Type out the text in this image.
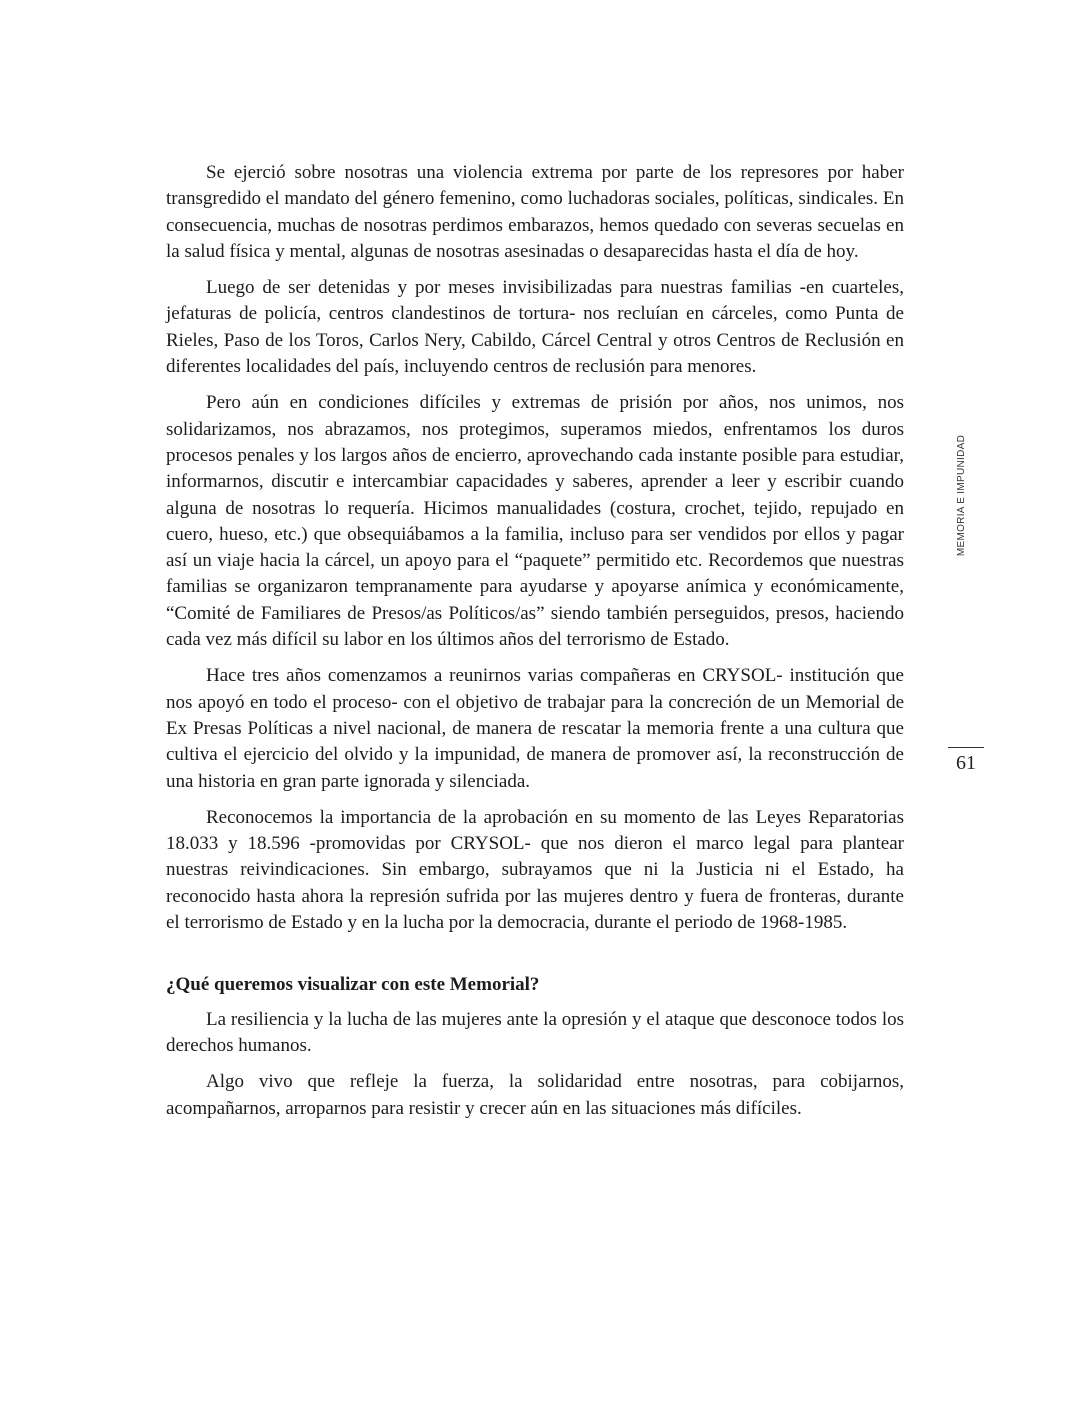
Se ejerció sobre nosotras una violencia extrema por parte de los represores por haber transgredido el mandato del género femenino, como luchadoras sociales, políticas, sindicales. En consecuencia, muchas de nosotras perdimos embarazos, hemos quedado con severas secuelas en la salud física y mental, algunas de nosotras asesinadas o desaparecidas hasta el día de hoy.

Luego de ser detenidas y por meses invisibilizadas para nuestras familias -en cuarteles, jefaturas de policía, centros clandestinos de tortura- nos recluían en cárceles, como Punta de Rieles, Paso de los Toros, Carlos Nery, Cabildo, Cárcel Central y otros Centros de Reclusión en diferentes localidades del país, incluyendo centros de reclusión para menores.

Pero aún en condiciones difíciles y extremas de prisión por años, nos unimos, nos solidarizamos, nos abrazamos, nos protegimos, superamos miedos, enfrentamos los duros procesos penales y los largos años de encierro, aprovechando cada instante posible para estudiar, informarnos, discutir e intercambiar capacidades y saberes, aprender a leer y escribir cuando alguna de nosotras lo requería. Hicimos manualidades (costura, crochet, tejido, repujado en cuero, hueso, etc.) que obsequiábamos a la familia, incluso para ser vendidos por ellos y pagar así un viaje hacia la cárcel, un apoyo para el “paquete” permitido etc. Recordemos que nuestras familias se organizaron tempranamente para ayudarse y apoyarse anímica y económicamente, “Comité de Familiares de Presos/as Políticos/as” siendo también perseguidos, presos, haciendo cada vez más difícil su labor en los últimos años del terrorismo de Estado.

Hace tres años comenzamos a reunirnos varias compañeras en CRYSOL- institución que nos apoyó en todo el proceso- con el objetivo de trabajar para la concreción de un Memorial de Ex Presas Políticas a nivel nacional, de manera de rescatar la memoria frente a una cultura que cultiva el ejercicio del olvido y la impunidad, de manera de promover así, la reconstrucción de una historia en gran parte ignorada y silenciada.

Reconocemos la importancia de la aprobación en su momento de las Leyes Reparatorias 18.033 y 18.596 -promovidas por CRYSOL- que nos dieron el marco legal para plantear nuestras reivindicaciones. Sin embargo, subrayamos que ni la Justicia ni el Estado, ha reconocido hasta ahora la represión sufrida por las mujeres dentro y fuera de fronteras, durante el terrorismo de Estado y en la lucha por la democracia, durante el periodo de 1968-1985.

¿Qué queremos visualizar con este Memorial?

La resiliencia y la lucha de las mujeres ante la opresión y el ataque que desconoce todos los derechos humanos.

Algo vivo que refleje la fuerza, la solidaridad entre nosotras, para cobijarnos, acompañarnos, arroparnos para resistir y crecer aún en las situaciones más difíciles.

MEMORIA E IMPUNIDAD
61
